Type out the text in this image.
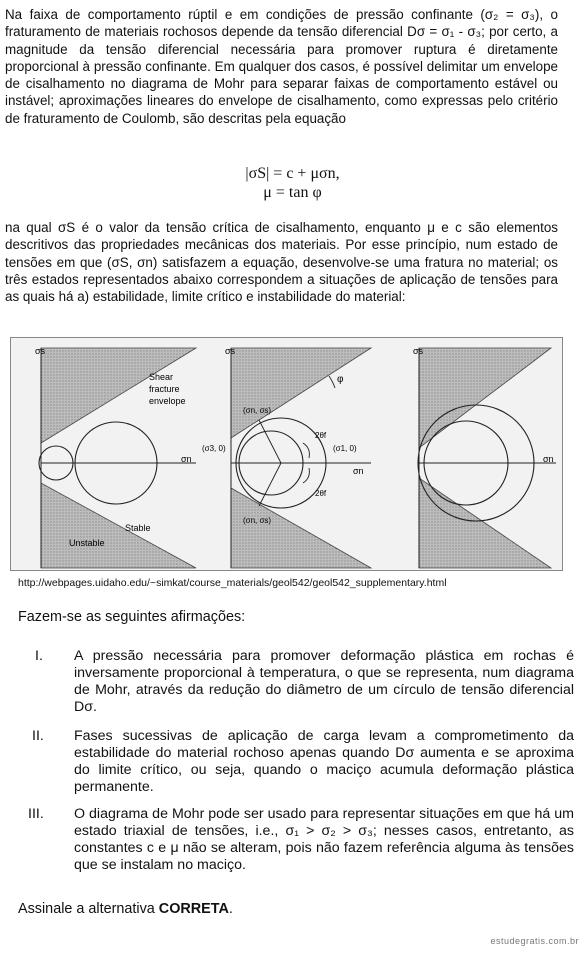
Na faixa de comportamento rúptil e em condições de pressão confinante (σ₂ = σ₃), o fraturamento de materiais rochosos depende da tensão diferencial Dσ = σ₁ - σ₃; por certo, a magnitude da tensão diferencial necessária para promover ruptura é diretamente proporcional à pressão confinante. Em qualquer dos casos, é possível delimitar um envelope de cisalhamento no diagrama de Mohr para separar faixas de comportamento estável ou instável; aproximações lineares do envelope de cisalhamento, como expressas pelo critério de fraturamento de Coulomb, são descritas pela equação
|σS| = c + μσn,
μ = tan φ
na qual σS é o valor da tensão crítica de cisalhamento, enquanto μ e c são elementos descritivos das propriedades mecânicas dos materiais. Por esse princípio, num estado de tensões em que (σS, σn) satisfazem a equação, desenvolve-se uma fratura no material; os três estados representados abaixo correspondem a situações de aplicação de tensões para as quais há a) estabilidade, limite crítico e instabilidade do material:
σs
σn
Shear
fracture
envelope
Stable
Unstable
σs
σn
φ
(σn, σs)
(σn, σs)
(σ3, 0)	(σ1, 0)
2θf
2θf
σs
σn
http://webpages.uidaho.edu/~simkat/course_materials/geol542/geol542_supplementary.html
Fazem-se as seguintes afirmações:
I.	A pressão necessária para promover deformação plástica em rochas é inversamente proporcional à temperatura, o que se representa, num diagrama de Mohr, através da redução do diâmetro de um círculo de tensão diferencial Dσ.
II.	Fases sucessivas de aplicação de carga levam a comprometimento da estabilidade do material rochoso apenas quando Dσ aumenta e se aproxima do limite crítico, ou seja, quando o maciço acumula deformação plástica permanente.
III.	O diagrama de Mohr pode ser usado para representar situações em que há um estado triaxial de tensões, i.e., σ₁ > σ₂ > σ₃; nesses casos, entretanto, as constantes c e μ não se alteram, pois não fazem referência alguma às tensões que se instalam no maciço.
Assinale a alternativa CORRETA.
estudegratis.com.br
